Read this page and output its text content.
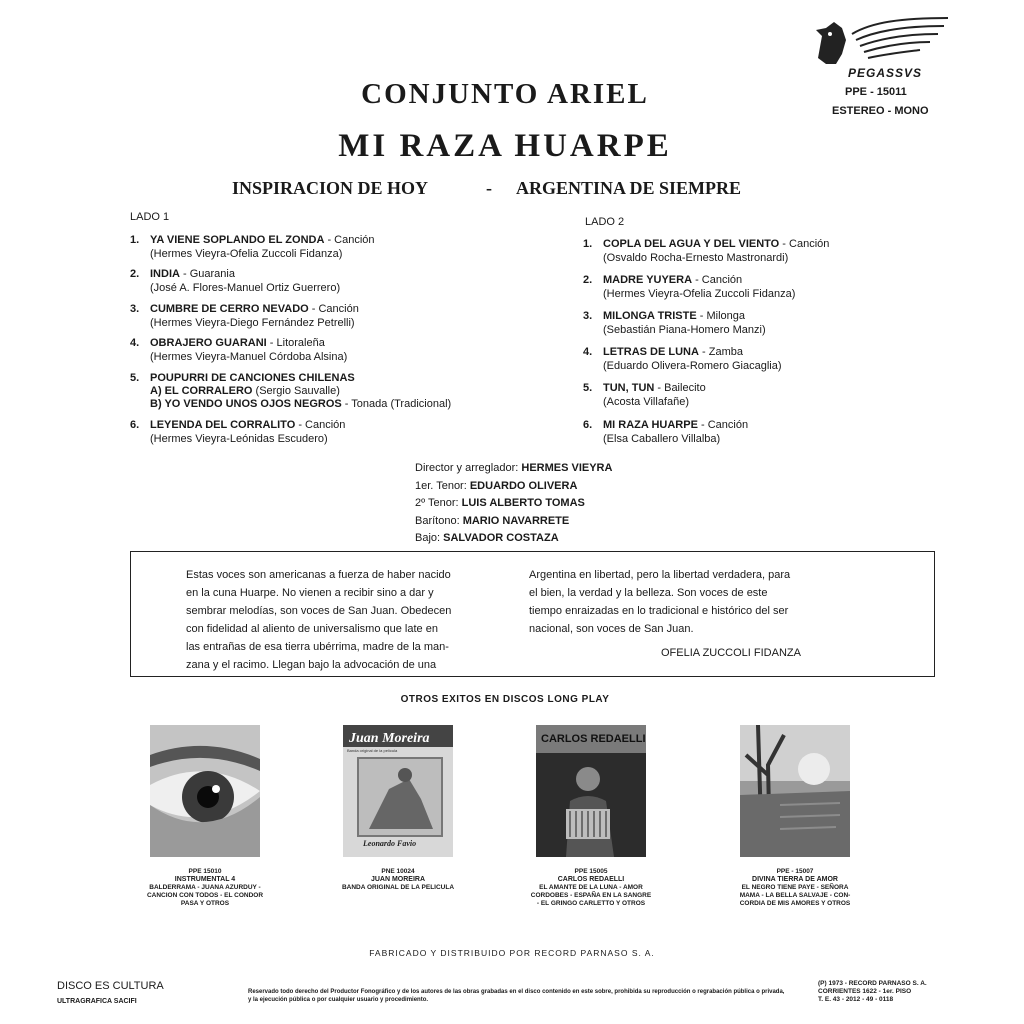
CONJUNTO ARIEL
MI RAZA HUARPE
INSPIRACION DE HOY	- ARGENTINA DE SIEMPRE
PEGASSVS
PPE - 15011
ESTEREO - MONO
LADO 1
1. YA VIENE SOPLANDO EL ZONDA - Canción
(Hermes Vieyra-Ofelia Zuccoli Fidanza)
2. INDIA - Guarania
(José A. Flores-Manuel Ortiz Guerrero)
3. CUMBRE DE CERRO NEVADO - Canción
(Hermes Vieyra-Diego Fernández Petrelli)
4. OBRAJERO GUARANI - Litoraleña
(Hermes Vieyra-Manuel Córdoba Alsina)
5. POUPURRI DE CANCIONES CHILENAS
A) EL CORRALERO (Sergio Sauvalle)
B) YO VENDO UNOS OJOS NEGROS - Tonada (Tradicional)
6. LEYENDA DEL CORRALITO - Canción
(Hermes Vieyra-Leónidas Escudero)
LADO 2
1. COPLA DEL AGUA Y DEL VIENTO - Canción
(Osvaldo Rocha-Ernesto Mastronardi)
2. MADRE YUYERA - Canción
(Hermes Vieyra-Ofelia Zuccoli Fidanza)
3. MILONGA TRISTE - Milonga
(Sebastián Piana-Homero Manzi)
4. LETRAS DE LUNA - Zamba
(Eduardo Olivera-Romero Giacaglia)
5. TUN, TUN - Bailecito
(Acosta Villafañe)
6. MI RAZA HUARPE - Canción
(Elsa Caballero Villalba)
Director y arreglador: HERMES VIEYRA
1er. Tenor: EDUARDO OLIVERA
2º Tenor: LUIS ALBERTO TOMAS
Barítono: MARIO NAVARRETE
Bajo: SALVADOR COSTAZA
Estas voces son americanas a fuerza de haber nacido
en la cuna Huarpe. No vienen a recibir sino a dar y
sembrar melodías, son voces de San Juan. Obedecen
con fidelidad al aliento de universalismo que late en
las entrañas de esa tierra ubérrima, madre de la man-
zana y el racimo. Llegan bajo la advocación de una
Argentina en libertad, pero la libertad verdadera, para
el bien, la verdad y la belleza. Son voces de este
tiempo enraizadas en lo tradicional e histórico del ser
nacional, son voces de San Juan.
OFELIA ZUCCOLI FIDANZA
OTROS EXITOS EN DISCOS LONG PLAY
Juan Moreira
Banda original de la película
Leonardo Favio
CARLOS REDAELLI
PPE 15010
INSTRUMENTAL 4
BALDERRAMA - JUANA AZURDUY -
CANCION CON TODOS - EL CONDOR
PASA Y OTROS
PNE 10024
JUAN MOREIRA
BANDA ORIGINAL DE LA PELICULA
PPE 15005
CARLOS REDAELLI
EL AMANTE DE LA LUNA - AMOR
CORDOBES - ESPAÑA EN LA SANGRE
- EL GRINGO CARLETTO Y OTROS
PPE - 15007
DIVINA TIERRA DE AMOR
EL NEGRO TIENE PAYE - SEÑORA
MAMA - LA BELLA SALVAJE - CON-
CORDIA DE MIS AMORES Y OTROS
FABRICADO Y DISTRIBUIDO POR RECORD PARNASO S. A.
DISCO ES CULTURA
ULTRAGRAFICA SACIFI
Reservado todo derecho del Productor Fonográfico y de los autores de las obras grabadas en el disco contenido en este sobre, prohibida su reproducción o regrabación pública o privada, y la ejecución pública o por cualquier usuario y procedimiento.
(P) 1973 - RECORD PARNASO S. A.
CORRIENTES 1622 - 1er. PISO
T. E. 43 - 2012 - 49 - 0118
